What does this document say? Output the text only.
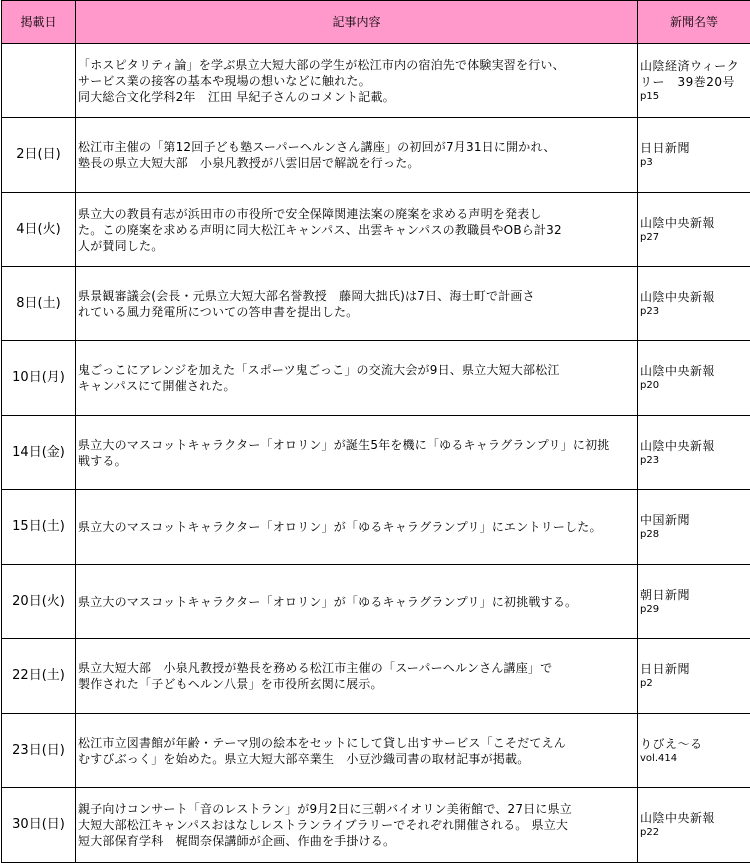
掲載日	記事内容	新聞名等
	「ホスピタリティ論」を学ぶ県立大短大部の学生が松江市内の宿泊先で体験実習を行い、
サービス業の接客の基本や現場の想いなどに触れた。
同大総合文化学科2年　江田 早紀子さんのコメント記載。	山陰経済ウィークリー　39巻20号
p15

2日(日)	松江市主催の「第12回子ども塾スーパーヘルンさん講座」の初回が7月31日に開かれ、
塾長の県立大短大部　小泉凡教授が八雲旧居で解説を行った。	日日新聞
p3

4日(火)	県立大の教員有志が浜田市の市役所で安全保障関連法案の廃案を求める声明を発表し
た。この廃案を求める声明に同大松江キャンパス、出雲キャンパスの教職員やOBら計32
人が賛同した。	山陰中央新報
p27

8日(土)	県景観審議会(会長・元県立大短大部名誉教授　藤岡大拙氏)は7日、海士町で計画さ
れている風力発電所についての答申書を提出した。	山陰中央新報
p23

10日(月)	鬼ごっこにアレンジを加えた「スポーツ鬼ごっこ」の交流大会が9日、県立大短大部松江
キャンパスにて開催された。	山陰中央新報
p20

14日(金)	県立大のマスコットキャラクター「オロリン」が誕生5年を機に「ゆるキャラグランプリ」に初挑
戦する。	山陰中央新報
p23

15日(土)	県立大のマスコットキャラクター「オロリン」が「ゆるキャラグランプリ」にエントリーした。	中国新聞
p28

20日(火)	県立大のマスコットキャラクター「オロリン」が「ゆるキャラグランプリ」に初挑戦する。	朝日新聞
p29

22日(土)	県立大短大部　小泉凡教授が塾長を務める松江市主催の「スーパーヘルンさん講座」で
製作された「子どもヘルン八景」を市役所玄関に展示。	日日新聞
p2

23日(日)	松江市立図書館が年齢・テーマ別の絵本をセットにして貸し出すサービス「こそだてえん
むすびぶっく」を始めた。県立大短大部卒業生　小豆沙織司書の取材記事が掲載。	りびえ〜る
vol.414

30日(日)	親子向けコンサート「音のレストラン」が9月2日に三朝バイオリン美術館で、27日に県立
大短大部松江キャンパスおはなしレストランライブラリーでそれぞれ開催される。 県立大
短大部保育学科　梶間奈保講師が企画、作曲を手掛ける。	山陰中央新報
p22
